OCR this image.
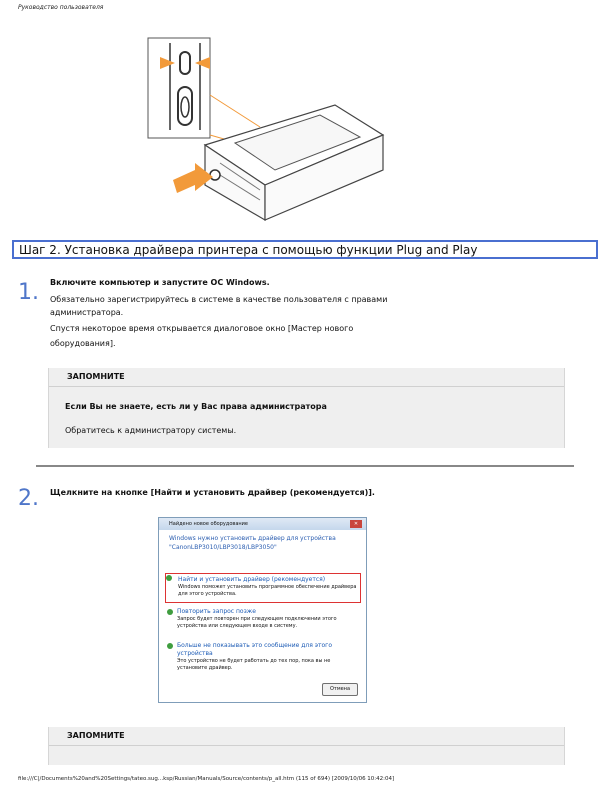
Руководство пользователя
Шаг 2. Установка драйвера принтера с помощью функции Plug and Play
1. Включите компьютер и запустите ОС Windows.
Обязательно зарегистрируйтесь в системе в качестве пользователя с правами
администратора.
Спустя некоторое время открывается диалоговое окно [Мастер нового
оборудования].
ЗАПОМНИТЕ
Если Вы не знаете, есть ли у Вас права администратора
Обратитесь к администратору системы.
2. Щелкните на кнопке [Найти и установить драйвер (рекомендуется)].
Найдено новое оборудование	✕
Windows нужно установить драйвер для устройства "CanonLBP3010/LBP3018/LBP3050"
Найти и установить драйвер (рекомендуется)
Windows поможет установить программное обеспечение драйвера для этого устройства.
Повторить запрос позже
Запрос будет повторен при следующем подключении этого устройства или следующем входе в систему.
Больше не показывать это сообщение для этого устройства
Это устройство не будет работать до тех пор, пока вы не установите драйвер.
Отмена
ЗАПОМНИТЕ
file:///C|/Documents%20and%20Settings/tateo.sug...ksp/Russian/Manuals/Source/contents/p_all.htm (115 of 694) [2009/10/06 10:42:04]
